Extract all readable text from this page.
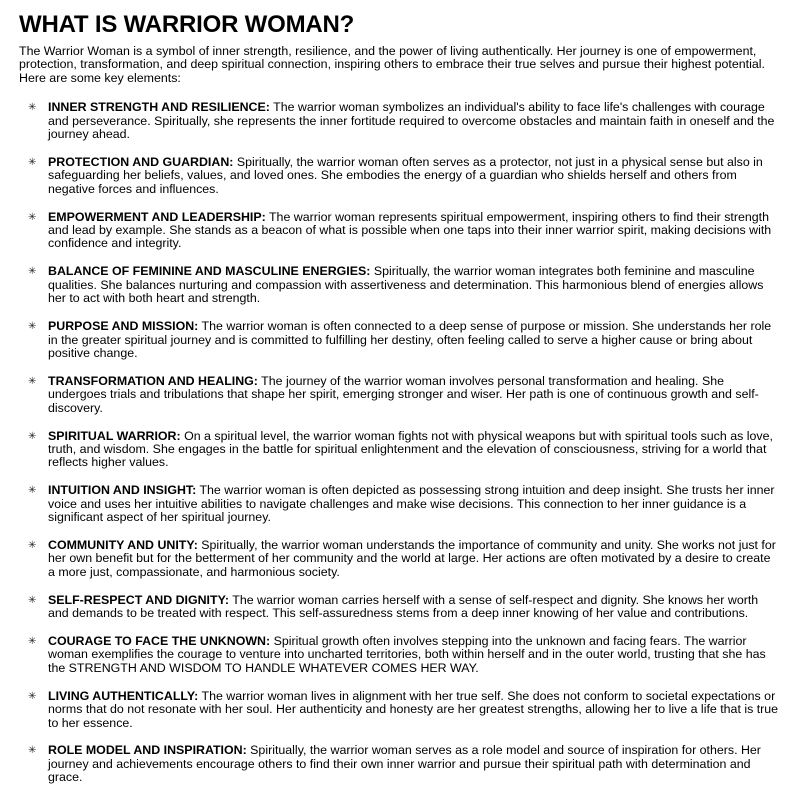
WHAT IS WARRIOR WOMAN?

The Warrior Woman is a symbol of inner strength, resilience, and the power of living authentically. Her journey is one of empowerment, protection, transformation, and deep spiritual connection, inspiring others to embrace their true selves and pursue their highest potential. Here are some key elements:

✳ INNER STRENGTH AND RESILIENCE: The warrior woman symbolizes an individual's ability to face life's challenges with courage and perseverance. Spiritually, she represents the inner fortitude required to overcome obstacles and maintain faith in oneself and the journey ahead.
✳ PROTECTION AND GUARDIAN: Spiritually, the warrior woman often serves as a protector, not just in a physical sense but also in safeguarding her beliefs, values, and loved ones. She embodies the energy of a guardian who shields herself and others from negative forces and influences.
✳ EMPOWERMENT AND LEADERSHIP: The warrior woman represents spiritual empowerment, inspiring others to find their strength and lead by example. She stands as a beacon of what is possible when one taps into their inner warrior spirit, making decisions with confidence and integrity.
✳ BALANCE OF FEMININE AND MASCULINE ENERGIES: Spiritually, the warrior woman integrates both feminine and masculine qualities. She balances nurturing and compassion with assertiveness and determination. This harmonious blend of energies allows her to act with both heart and strength.
✳ PURPOSE AND MISSION: The warrior woman is often connected to a deep sense of purpose or mission. She understands her role in the greater spiritual journey and is committed to fulfilling her destiny, often feeling called to serve a higher cause or bring about positive change.
✳ TRANSFORMATION AND HEALING: The journey of the warrior woman involves personal transformation and healing. She undergoes trials and tribulations that shape her spirit, emerging stronger and wiser. Her path is one of continuous growth and self-discovery.
✳ SPIRITUAL WARRIOR: On a spiritual level, the warrior woman fights not with physical weapons but with spiritual tools such as love, truth, and wisdom. She engages in the battle for spiritual enlightenment and the elevation of consciousness, striving for a world that reflects higher values.
✳ INTUITION AND INSIGHT: The warrior woman is often depicted as possessing strong intuition and deep insight. She trusts her inner voice and uses her intuitive abilities to navigate challenges and make wise decisions. This connection to her inner guidance is a significant aspect of her spiritual journey.
✳ COMMUNITY AND UNITY: Spiritually, the warrior woman understands the importance of community and unity. She works not just for her own benefit but for the betterment of her community and the world at large. Her actions are often motivated by a desire to create a more just, compassionate, and harmonious society.
✳ SELF-RESPECT AND DIGNITY: The warrior woman carries herself with a sense of self-respect and dignity. She knows her worth and demands to be treated with respect. This self-assuredness stems from a deep inner knowing of her value and contributions.
✳ COURAGE TO FACE THE UNKNOWN: Spiritual growth often involves stepping into the unknown and facing fears. The warrior woman exemplifies the courage to venture into uncharted territories, both within herself and in the outer world, trusting that she has the STRENGTH AND WISDOM TO HANDLE WHATEVER COMES HER WAY.
✳ LIVING AUTHENTICALLY: The warrior woman lives in alignment with her true self. She does not conform to societal expectations or norms that do not resonate with her soul. Her authenticity and honesty are her greatest strengths, allowing her to live a life that is true to her essence.
✳ ROLE MODEL AND INSPIRATION: Spiritually, the warrior woman serves as a role model and source of inspiration for others. Her journey and achievements encourage others to find their own inner warrior and pursue their spiritual path with determination and grace.
